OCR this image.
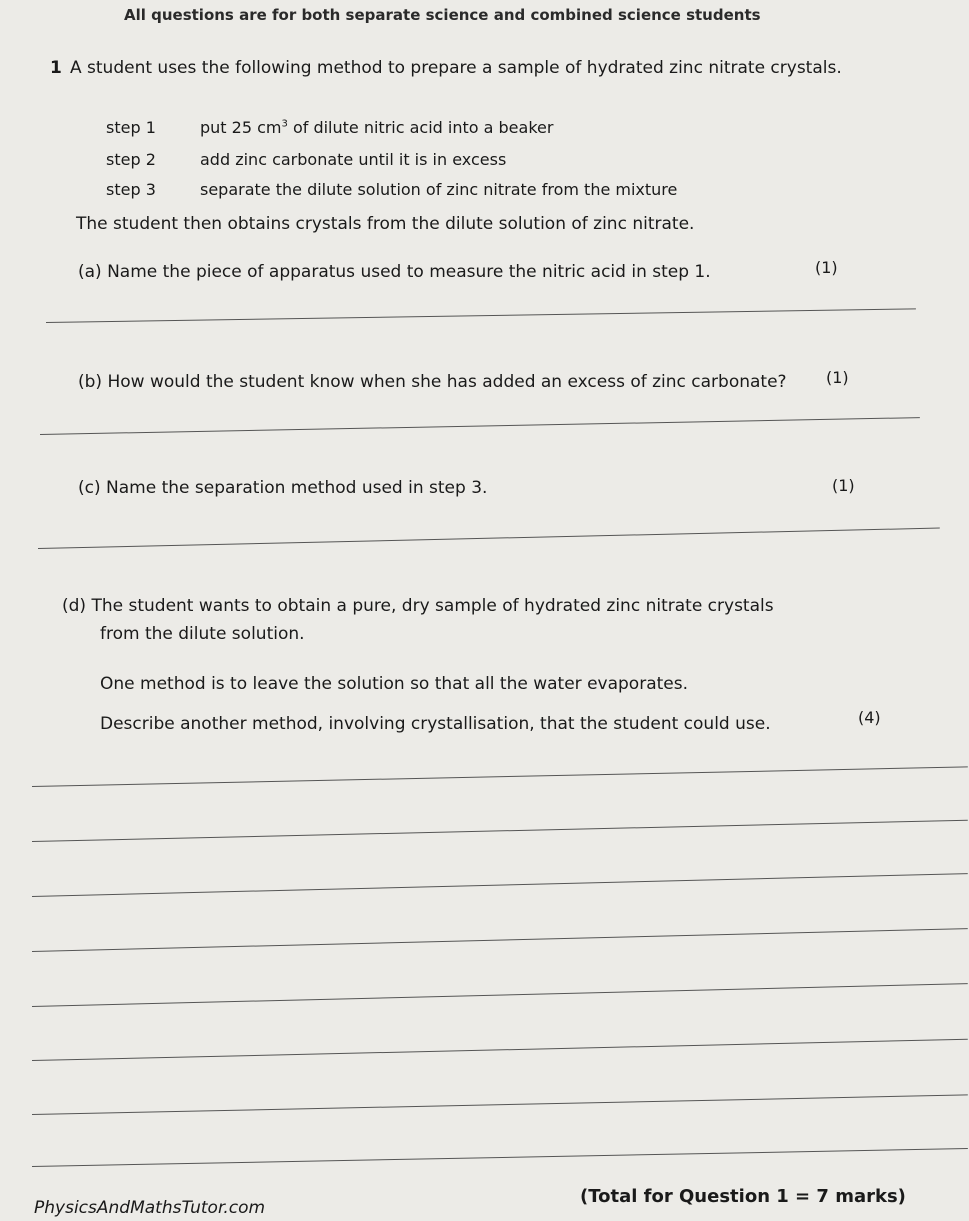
All questions are for both separate science and combined science students
1 A student uses the following method to prepare a sample of hydrated zinc nitrate crystals.
step 1	put 25 $cm^3$ of dilute nitric acid into a beaker
step 2	add zinc carbonate until it is in excess
step 3	separate the dilute solution of zinc nitrate from the mixture
The student then obtains crystals from the dilute solution of zinc nitrate.
(a) Name the piece of apparatus used to measure the nitric acid in step 1.	(1)
(b) How would the student know when she has added an excess of zinc carbonate? (1)
(c) Name the separation method used in step 3.	(1)
(d) The student wants to obtain a pure, dry sample of hydrated zinc nitrate crystals
from the dilute solution.
One method is to leave the solution so that all the water evaporates.
Describe another method, involving crystallisation, that the student could use.	(4)
PhysicsAndMathsTutor.com
(Total for Question 1 = 7 marks)
